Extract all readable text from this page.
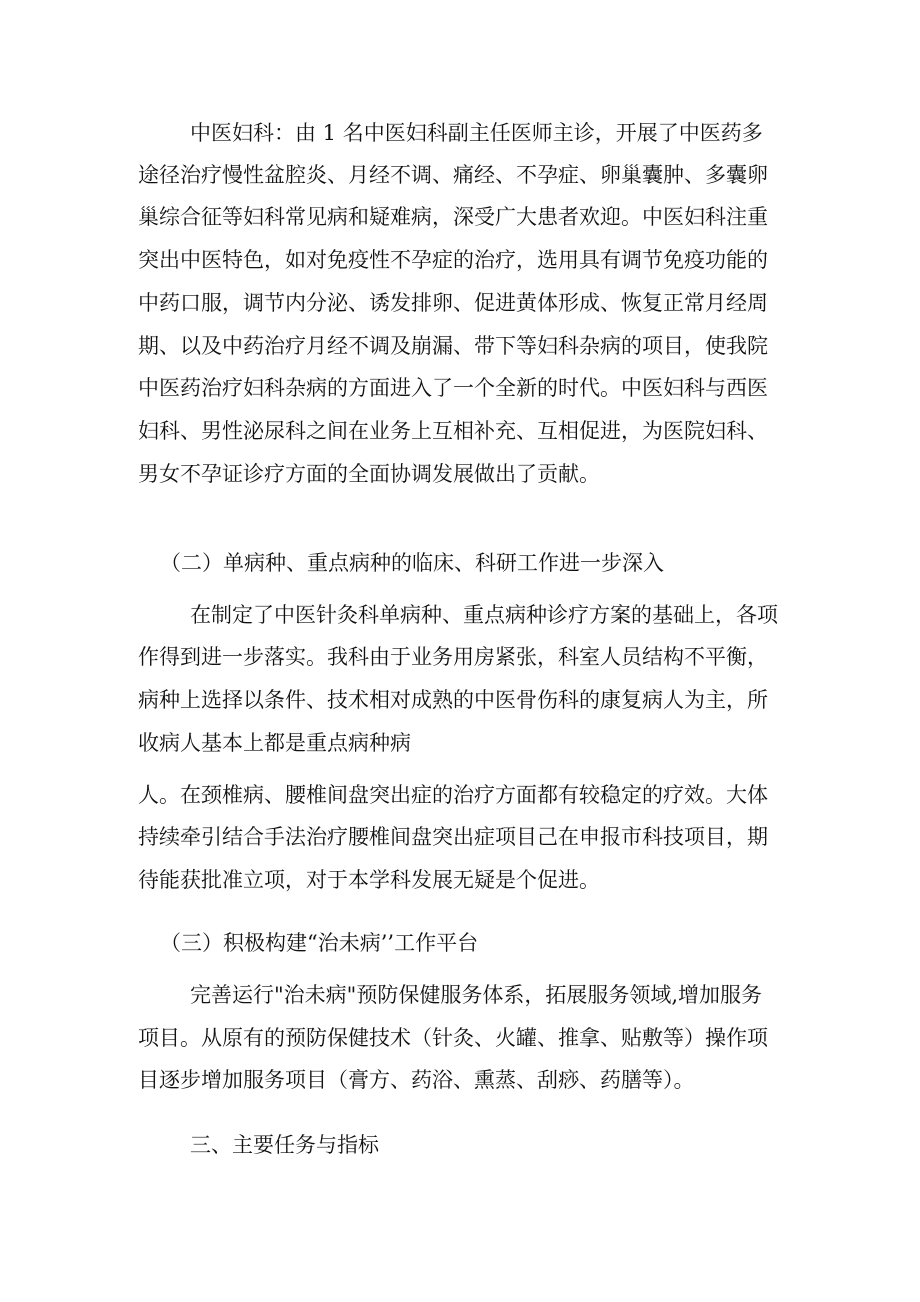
中医妇科：由 1 名中医妇科副主任医师主诊，开展了中医药多
途径治疗慢性盆腔炎、月经不调、痛经、不孕症、卵巢囊肿、多囊卵
巢综合征等妇科常见病和疑难病，深受广大患者欢迎。中医妇科注重
突出中医特色，如对免疫性不孕症的治疗，选用具有调节免疫功能的
中药口服，调节内分泌、诱发排卵、促进黄体形成、恢复正常月经周
期、以及中药治疗月经不调及崩漏、带下等妇科杂病的项目，使我院
中医药治疗妇科杂病的方面进入了一个全新的时代。中医妇科与西医
妇科、男性泌尿科之间在业务上互相补充、互相促进，为医院妇科、
男女不孕证诊疗方面的全面协调发展做出了贡献。
（二）单病种、重点病种的临床、科研工作进一步深入
在制定了中医针灸科单病种、重点病种诊疗方案的基础上，各项
作得到进一步落实。我科由于业务用房紧张，科室人员结构不平衡，
病种上选择以条件、技术相对成熟的中医骨伤科的康复病人为主，所
收病人基本上都是重点病种病
人。在颈椎病、腰椎间盘突出症的治疗方面都有较稳定的疗效。大体
持续牵引结合手法治疗腰椎间盘突出症项目己在申报市科技项目，期
待能获批准立项，对于本学科发展无疑是个促进。
（三）积极构建“治未病’’工作平台
完善运行"治未病"预防保健服务体系，拓展服务领域,增加服务
项目。从原有的预防保健技术（针灸、火罐、推拿、贴敷等）操作项
目逐步增加服务项目（膏方、药浴、熏蒸、刮痧、药膳等）。
三、主要任务与指标
